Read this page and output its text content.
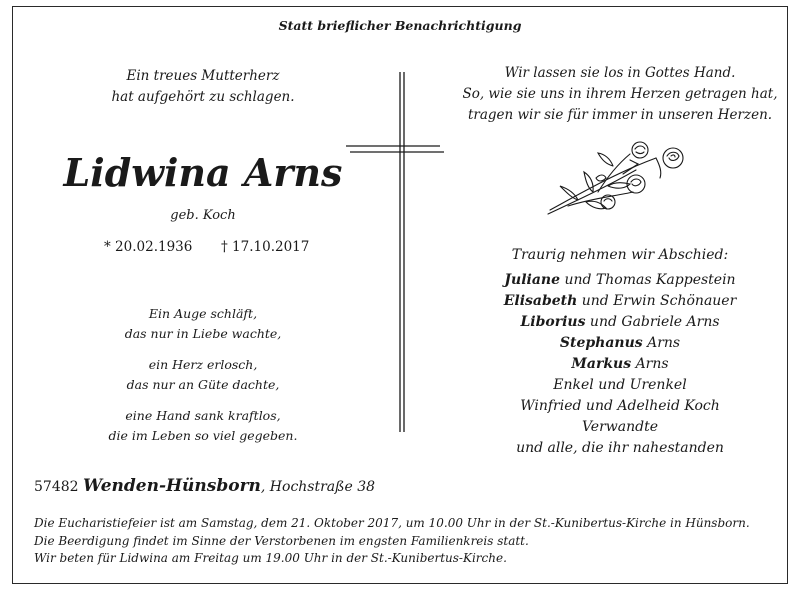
Statt brieflicher Benachrichtigung
Ein treues Mutterherz
hat aufgehört zu schlagen.
Lidwina Arns
geb. Koch
* 20.02.1936 † 17.10.2017
Ein Auge schläft,
das nur in Liebe wachte,
ein Herz erlosch,
das nur an Güte dachte,
eine Hand sank kraftlos,
die im Leben so viel gegeben.
Wir lassen sie los in Gottes Hand.
So, wie sie uns in ihrem Herzen getragen hat,
tragen wir sie für immer in unseren Herzen.
Traurig nehmen wir Abschied:
Juliane und Thomas Kappestein
Elisabeth und Erwin Schönauer
Liborius und Gabriele Arns
Stephanus Arns
Markus Arns
Enkel und Urenkel
Winfried und Adelheid Koch
Verwandte
und alle, die ihr nahestanden
57482 Wenden-Hünsborn, Hochstraße 38
Die Eucharistiefeier ist am Samstag, dem 21. Oktober 2017, um 10.00 Uhr in der St.-Kunibertus-Kirche in Hünsborn.
Die Beerdigung findet im Sinne der Verstorbenen im engsten Familienkreis statt.
Wir beten für Lidwina am Freitag um 19.00 Uhr in der St.-Kunibertus-Kirche.
